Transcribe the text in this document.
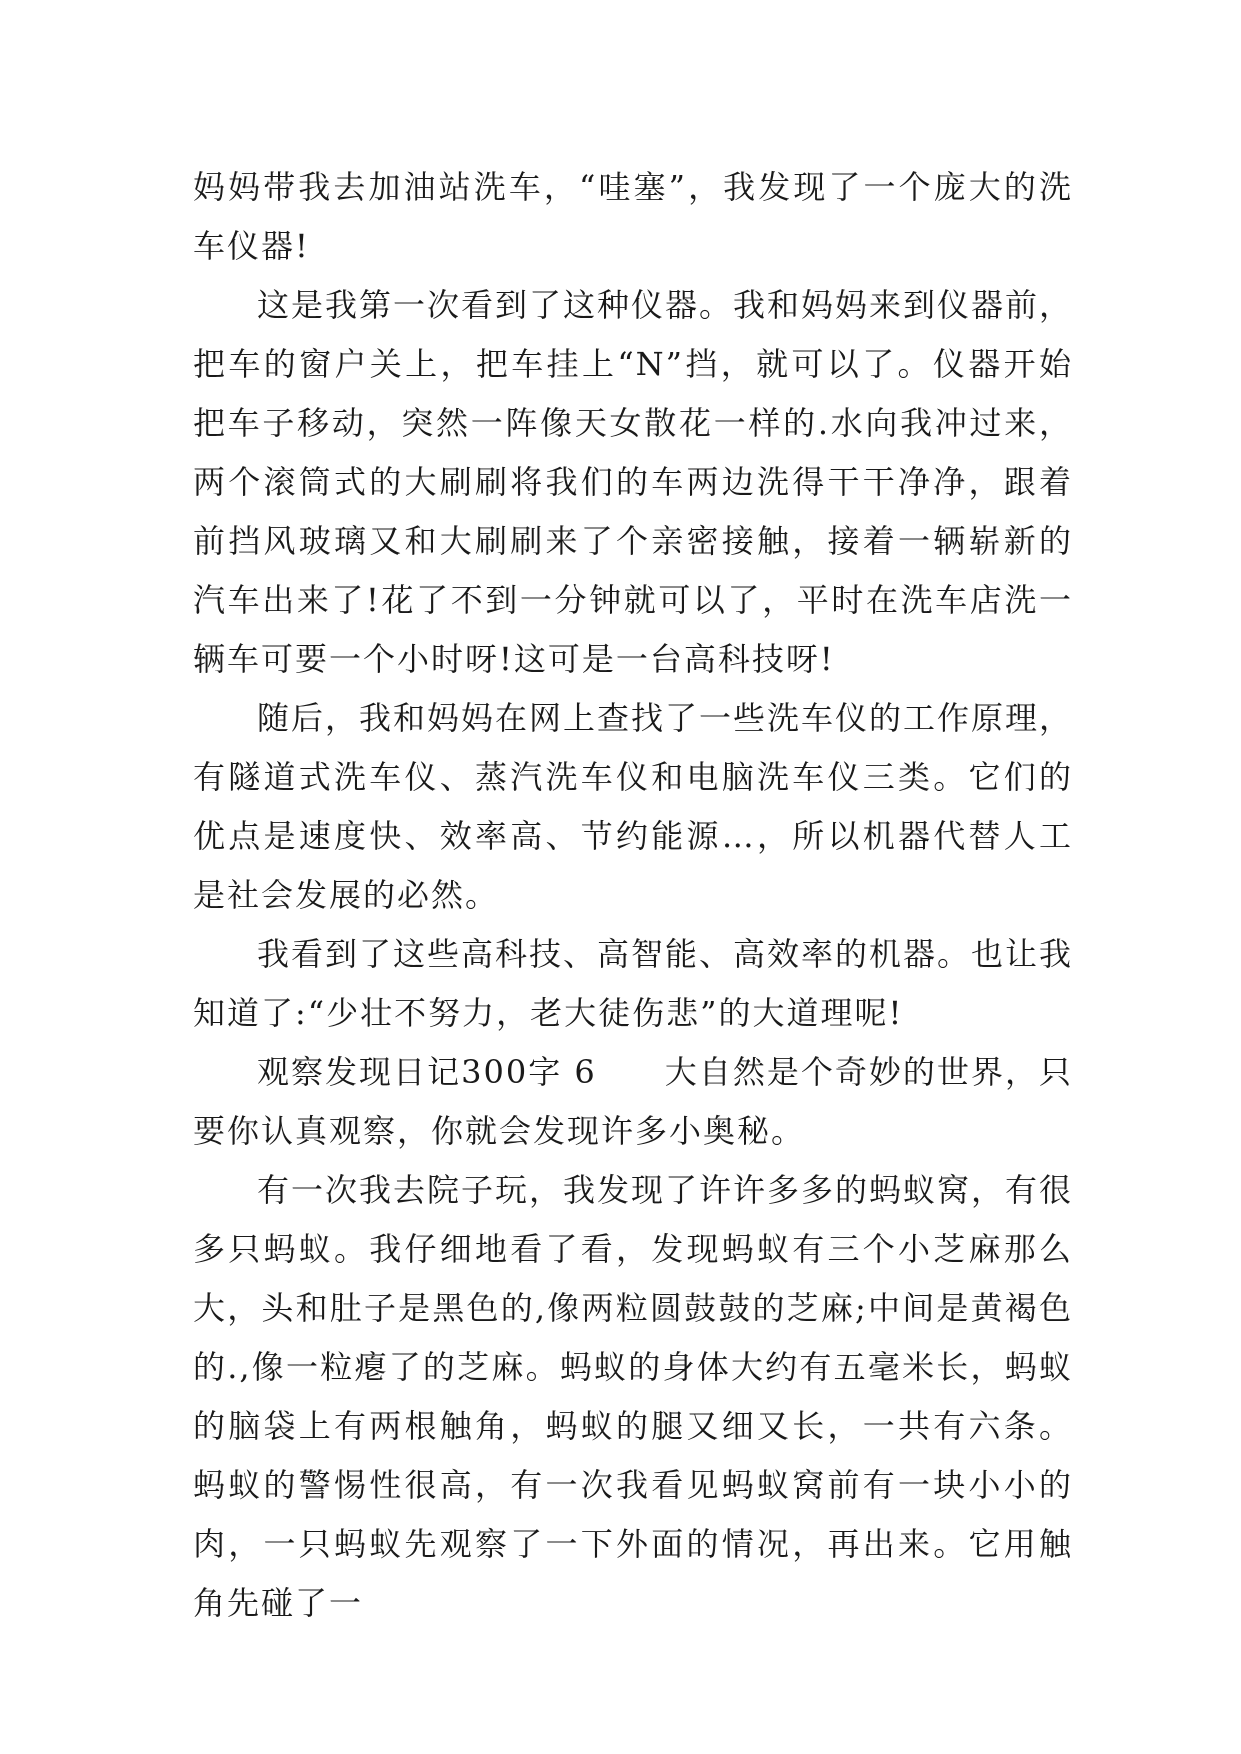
妈妈带我去加油站洗车，“哇塞”，我发现了一个庞大的洗车仪器!

这是我第一次看到了这种仪器。我和妈妈来到仪器前，把车的窗户关上，把车挂上“N”挡，就可以了。仪器开始把车子移动，突然一阵像天女散花一样的.水向我冲过来，两个滚筒式的大刷刷将我们的车两边洗得干干净净，跟着前挡风玻璃又和大刷刷来了个亲密接触，接着一辆崭新的汽车出来了!花了不到一分钟就可以了，平时在洗车店洗一辆车可要一个小时呀!这可是一台高科技呀!

随后，我和妈妈在网上查找了一些洗车仪的工作原理，有隧道式洗车仪、蒸汽洗车仪和电脑洗车仪三类。它们的优点是速度快、效率高、节约能源…，所以机器代替人工是社会发展的必然。

我看到了这些高科技、高智能、高效率的机器。也让我知道了:“少壮不努力，老大徒伤悲”的大道理呢!

观察发现日记300字 6　　大自然是个奇妙的世界，只要你认真观察，你就会发现许多小奥秘。

有一次我去院子玩，我发现了许许多多的蚂蚁窝，有很多只蚂蚁。我仔细地看了看，发现蚂蚁有三个小芝麻那么大，头和肚子是黑色的,像两粒圆鼓鼓的芝麻;中间是黄褐色的.,像一粒瘪了的芝麻。蚂蚁的身体大约有五毫米长，蚂蚁的脑袋上有两根触角，蚂蚁的腿又细又长，一共有六条。蚂蚁的警惕性很高，有一次我看见蚂蚁窝前有一块小小的肉，一只蚂蚁先观察了一下外面的情况，再出来。它用触角先碰了一
